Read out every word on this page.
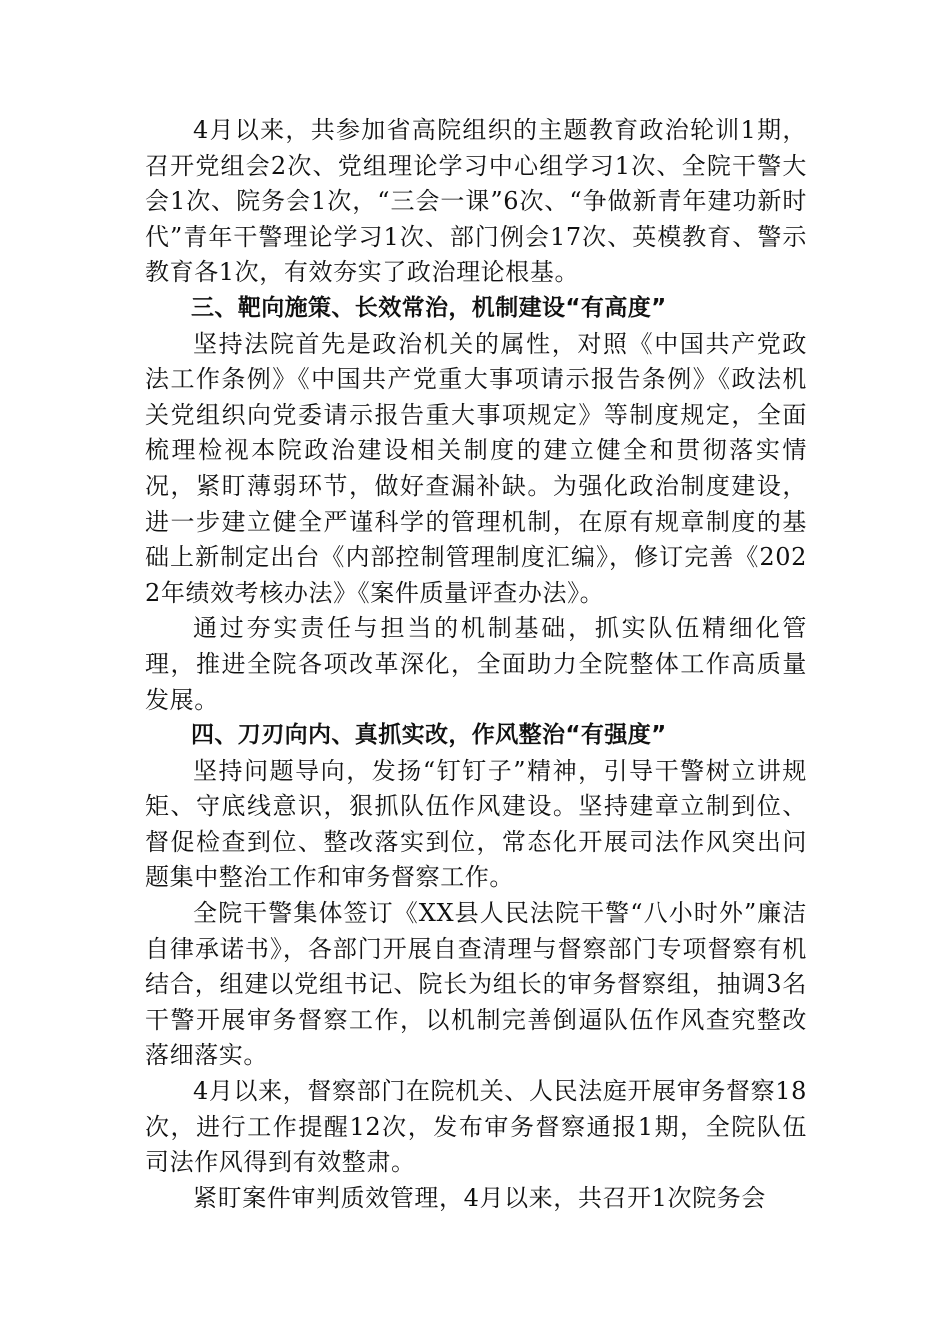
4月以来，共参加省高院组织的主题教育政治轮训1期，召开党组会2次、党组理论学习中心组学习1次、全院干警大会1次、院务会1次，“三会一课”6次、“争做新青年建功新时代”青年干警理论学习1次、部门例会17次、英模教育、警示教育各1次，有效夯实了政治理论根基。

三、靶向施策、长效常治，机制建设“有高度”

坚持法院首先是政治机关的属性，对照《中国共产党政法工作条例》《中国共产党重大事项请示报告条例》《政法机关党组织向党委请示报告重大事项规定》等制度规定，全面梳理检视本院政治建设相关制度的建立健全和贯彻落实情况，紧盯薄弱环节，做好查漏补缺。为强化政治制度建设，进一步建立健全严谨科学的管理机制，在原有规章制度的基础上新制定出台《内部控制管理制度汇编》，修订完善《2022年绩效考核办法》《案件质量评查办法》。

通过夯实责任与担当的机制基础，抓实队伍精细化管理，推进全院各项改革深化，全面助力全院整体工作高质量发展。

四、刀刃向内、真抓实改，作风整治“有强度”

坚持问题导向，发扬“钉钉子”精神，引导干警树立讲规矩、守底线意识，狠抓队伍作风建设。坚持建章立制到位、督促检查到位、整改落实到位，常态化开展司法作风突出问题集中整治工作和审务督察工作。

全院干警集体签订《XX县人民法院干警“八小时外”廉洁自律承诺书》，各部门开展自查清理与督察部门专项督察有机结合，组建以党组书记、院长为组长的审务督察组，抽调3名干警开展审务督察工作，以机制完善倒逼队伍作风查究整改落细落实。

4月以来，督察部门在院机关、人民法庭开展审务督察18次，进行工作提醒12次，发布审务督察通报1期，全院队伍司法作风得到有效整肃。

紧盯案件审判质效管理，4月以来，共召开1次院务会
